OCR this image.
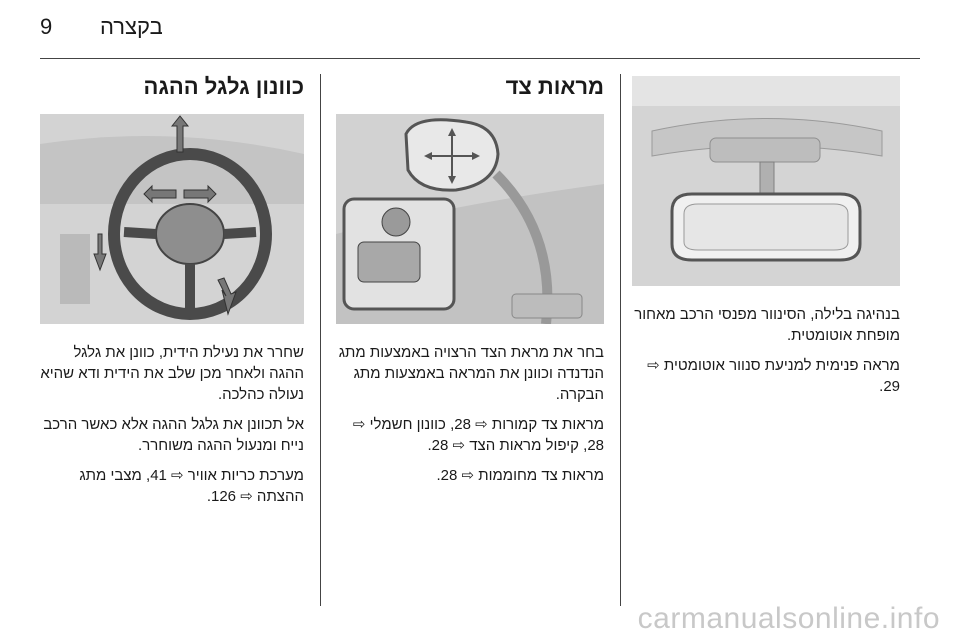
9 בקצרה

בנהיגה בלילה, הסינוור מפנסי הרכב מאחור מופחת אוטומטית.

מראה פנימית למניעת סנוור אוטומטית ⇨ 29.

מראות צד

בחר את מראת הצד הרצויה באמצעות מתג הנדנדה וכוונן את המראה באמצעות מתג הבקרה.

מראות צד קמורות ⇨ 28, כוונון חשמלי ⇨ 28, קיפול מראות הצד ⇨ 28.

מראות צד מחוממות ⇨ 28.

כוונון גלגל ההגה

שחרר את נעילת הידית, כוונן את גלגל ההגה ולאחר מכן שלב את הידית ודא שהיא נעולה כהלכה.

אל תכוונן את גלגל ההגה אלא כאשר הרכב נייח ומנעול ההגה משוחרר.

מערכת כריות אוויר ⇨ 41, מצבי מתג ההצתה ⇨ 126.

carmanualsonline.info
